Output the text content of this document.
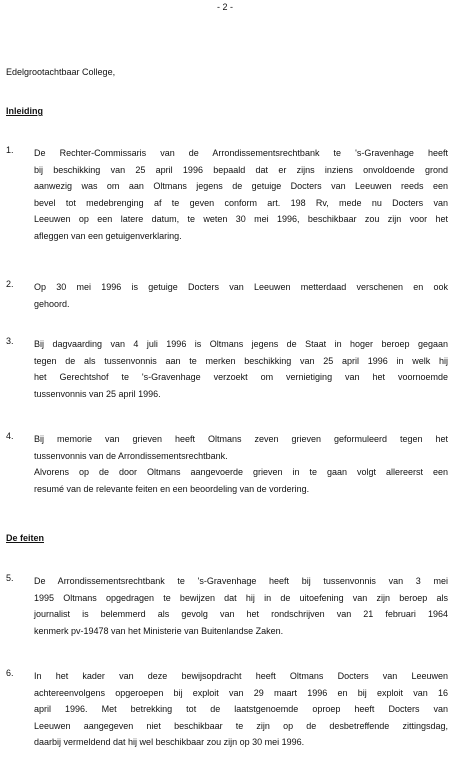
- 2 -
Edelgrootachtbaar College,
Inleiding
1.	De Rechter-Commissaris van de Arrondissementsrechtbank te 's-Gravenhage heeft
bij beschikking van 25 april 1996 bepaald dat er zijns inziens onvoldoende grond
aanwezig was om aan Oltmans jegens de getuige Docters van Leeuwen reeds een
bevel tot medebrenging af te geven conform art. 198 Rv, mede nu Docters van
Leeuwen op een latere datum, te weten 30 mei 1996, beschikbaar zou zijn voor het
afleggen van een getuigenverklaring.
2.	Op 30 mei 1996 is getuige Docters van Leeuwen metterdaad verschenen en ook
gehoord.
3.	Bij dagvaarding van 4 juli 1996 is Oltmans jegens de Staat in hoger beroep gegaan
tegen de als tussenvonnis aan te merken beschikking van 25 april 1996 in welk hij
het Gerechtshof te 's-Gravenhage verzoekt om vernietiging van het voornoemde
tussenvonnis van 25 april 1996.
4.	Bij memorie van grieven heeft Oltmans zeven grieven geformuleerd tegen het
tussenvonnis van de Arrondissementsrechtbank.
Alvorens op de door Oltmans aangevoerde grieven in te gaan volgt allereerst een
resumé van de relevante feiten en een beoordeling van de vordering.
De feiten
5.	De Arrondissementsrechtbank te 's-Gravenhage heeft bij tussenvonnis van 3 mei
1995 Oltmans opgedragen te bewijzen dat hij in de uitoefening van zijn beroep als
journalist is belemmerd als gevolg van het rondschrijven van 21 februari 1964
kenmerk pv-19478 van het Ministerie van Buitenlandse Zaken.
6.	In het kader van deze bewijsopdracht heeft Oltmans Docters van Leeuwen
achtereenvolgens opgeroepen bij exploit van 29 maart 1996 en bij exploit van 16
april 1996. Met betrekking tot de laatstgenoemde oproep heeft Docters van
Leeuwen aangegeven niet beschikbaar te zijn op de desbetreffende zittingsdag,
daarbij vermeldend dat hij wel beschikbaar zou zijn op 30 mei 1996.
